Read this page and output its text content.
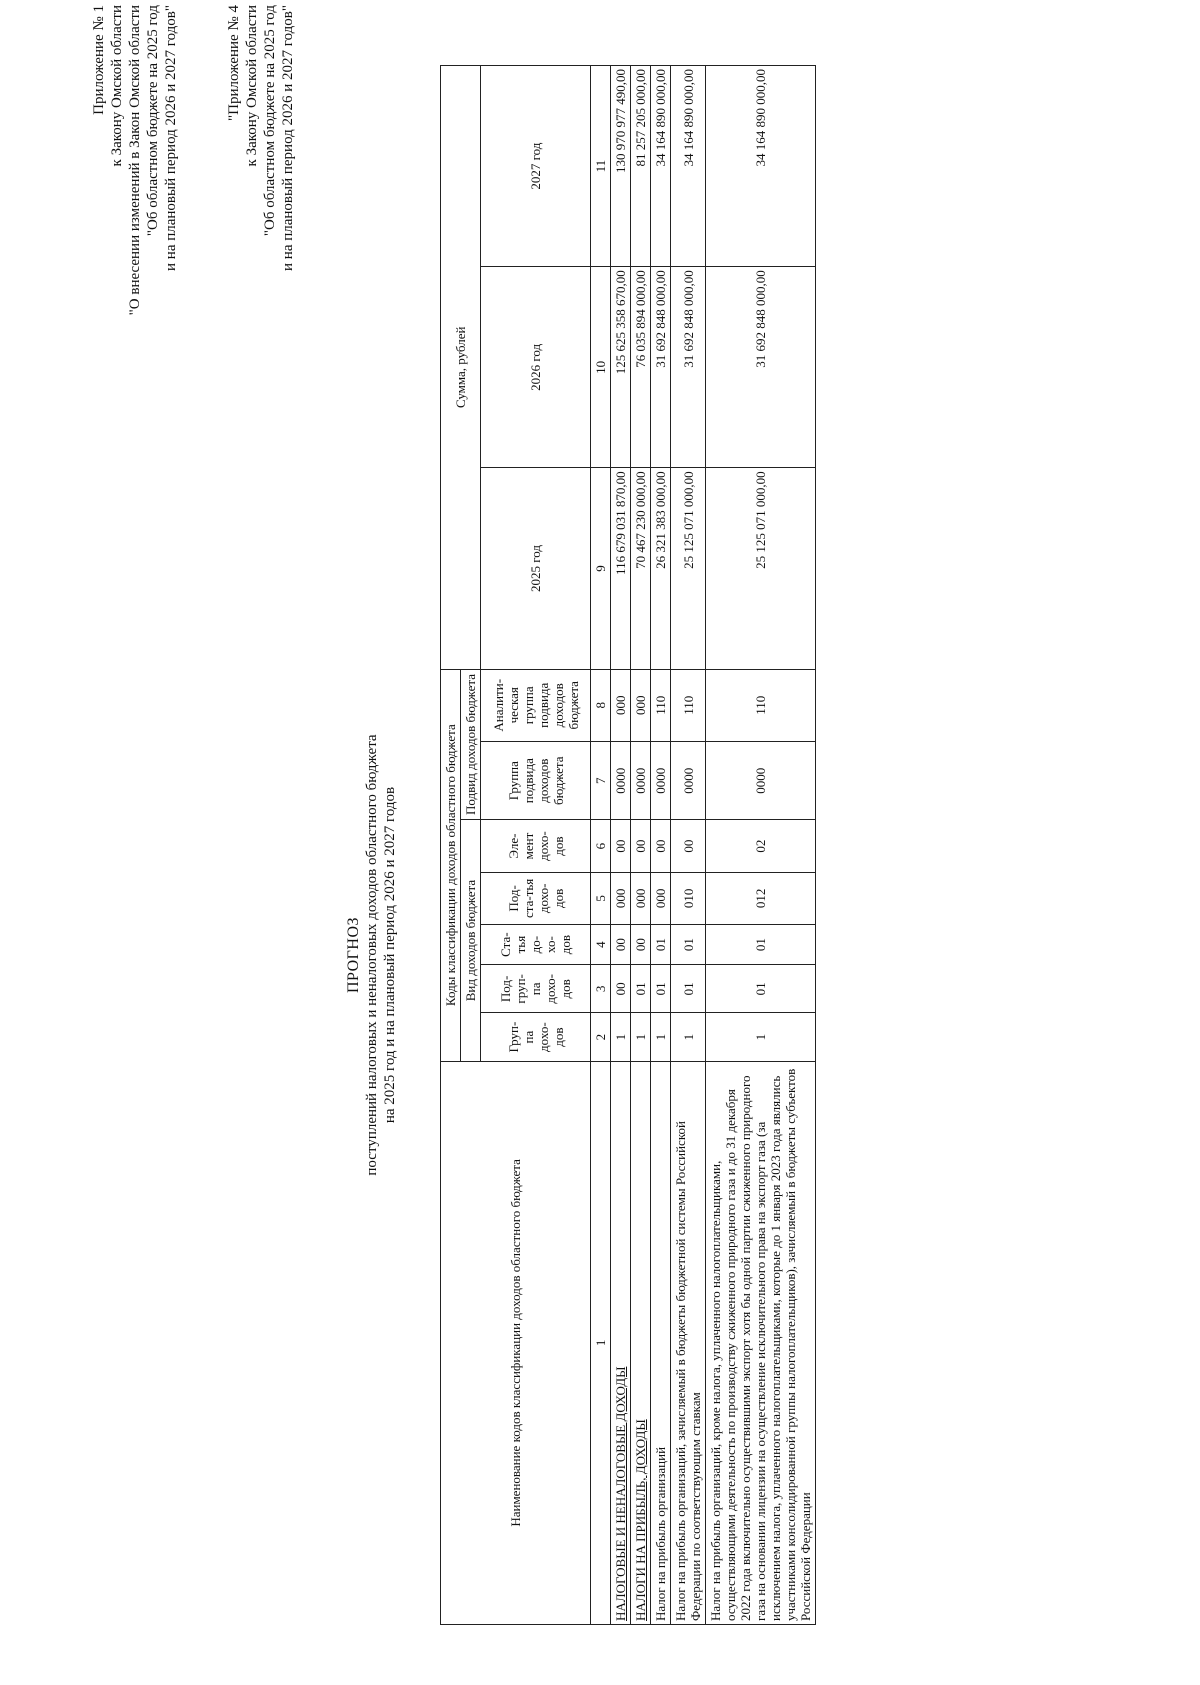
Приложение № 1 к Закону Омской области "О внесении изменений в Закон Омской области "Об областном бюджете на 2025 год и на плановый период 2026 и 2027 годов"	"Приложение № 4 к Закону Омской области "Об областном бюджете на 2025 год и на плановый период 2026 и 2027 годов"
ПРОГНОЗ поступлений налоговых и неналоговых доходов областного бюджета на 2025 год и на плановый период 2026 и 2027 годов
Наименование кодов классификации доходов областного бюджета	Коды классификации доходов областного бюджета							Сумма, рублей		
	Вид доходов бюджета					Подвид доходов бюджета				
	Груп-па дохо-дов	Под-груп-па дохо-дов	Ста-тья до-хо-дов	Под-ста-тья дохо-дов	Эле-мент дохо-дов	Группа подвида доходов бюджета	Аналити-ческая группа подвида доходов бюджета	2025 год	2026 год	2027 год
1	2	3	4	5	6	7	8	9	10	11
НАЛОГОВЫЕ И НЕНАЛОГОВЫЕ ДОХОДЫ	1	00	00	000	00	0000	000	116 679 031 870,00	125 625 358 670,00	130 970 977 490,00
НАЛОГИ НА ПРИБЫЛЬ, ДОХОДЫ	1	01	00	000	00	0000	000	70 467 230 000,00	76 035 894 000,00	81 257 205 000,00
Налог на прибыль организаций	1	01	01	000	00	0000	110	26 321 383 000,00	31 692 848 000,00	34 164 890 000,00
Налог на прибыль организаций, зачисляемый в бюджеты бюджетной системы Российской Федерации по соответствующим ставкам	1	01	01	010	00	0000	110	25 125 071 000,00	31 692 848 000,00	34 164 890 000,00
Налог на прибыль организаций, кроме налога, уплаченного налогоплательщиками, осуществляющими деятельность по производству сжиженного природного газа и до 31 декабря 2022 года включительно осуществившими экспорт хотя бы одной партии сжиженного природного газа на основании лицензии на осуществление исключительного права на экспорт газа (за исключением налога, уплаченного налогоплательщиками, которые до 1 января 2023 года являлись участниками консолидированной группы налогоплательщиков), зачисляемый в бюджеты субъектов Российской Федерации	1	01	01	012	02	0000	110	25 125 071 000,00	31 692 848 000,00	34 164 890 000,00
